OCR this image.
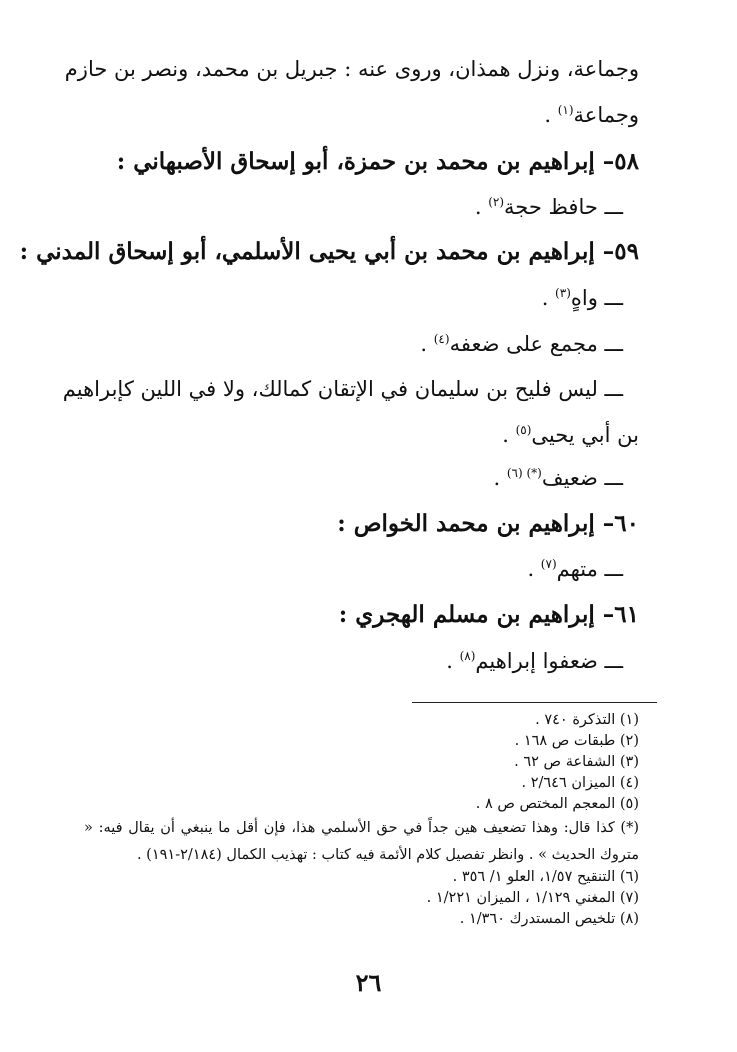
وجماعة، ونزل همذان، وروى عنه : جبريل بن محمد، ونصر بن حازم
وجماعة$^{(١)}$ .
٥٨– إبراهيم بن محمد بن حمزة، أبو إسحاق الأصبهاني :
ـــ حافظ حجة$^{(٢)}$ .
٥٩– إبراهيم بن محمد بن أبي يحيى الأسلمي، أبو إسحاق المدني :
ـــ واهٍ$^{(٣)}$ .
ـــ مجمع على ضعفه$^{(٤)}$ .
ـــ ليس فليح بن سليمان في الإتقان كمالك، ولا في اللين كإبراهيم
بن أبي يحيى$^{(٥)}$ .
ـــ ضعيف$^{(*) (٦)}$ .
٦٠– إبراهيم بن محمد الخواص :
ـــ متهم$^{(٧)}$ .
٦١– إبراهيم بن مسلم الهجري :
ـــ ضعفوا إبراهيم$^{(٨)}$ .
(١) التذكرة ٧٤٠ .
(٢) طبقات ص ١٦٨ .
(٣) الشفاعة ص ٦٢ .
(٤) الميزان ٢/٦٤٦ .
(٥) المعجم المختص ص ٨ .
(*) كذا قال: وهذا تضعيف هين جداً في حق الأسلمي هذا، فإن أقل ما ينبغي أن يقال فيه: «
متروك الحديث » . وانظر تفصيل كلام الأئمة فيه كتاب : تهذيب الكمال (٢/١٨٤-١٩١) .
(٦) التنقيح ١/٥٧، العلو ١/ ٣٥٦ .
(٧) المغني ١/١٢٩ ، الميزان ١/٢٢١ .
(٨) تلخيص المستدرك ١/٣٦٠ .
٢٦
